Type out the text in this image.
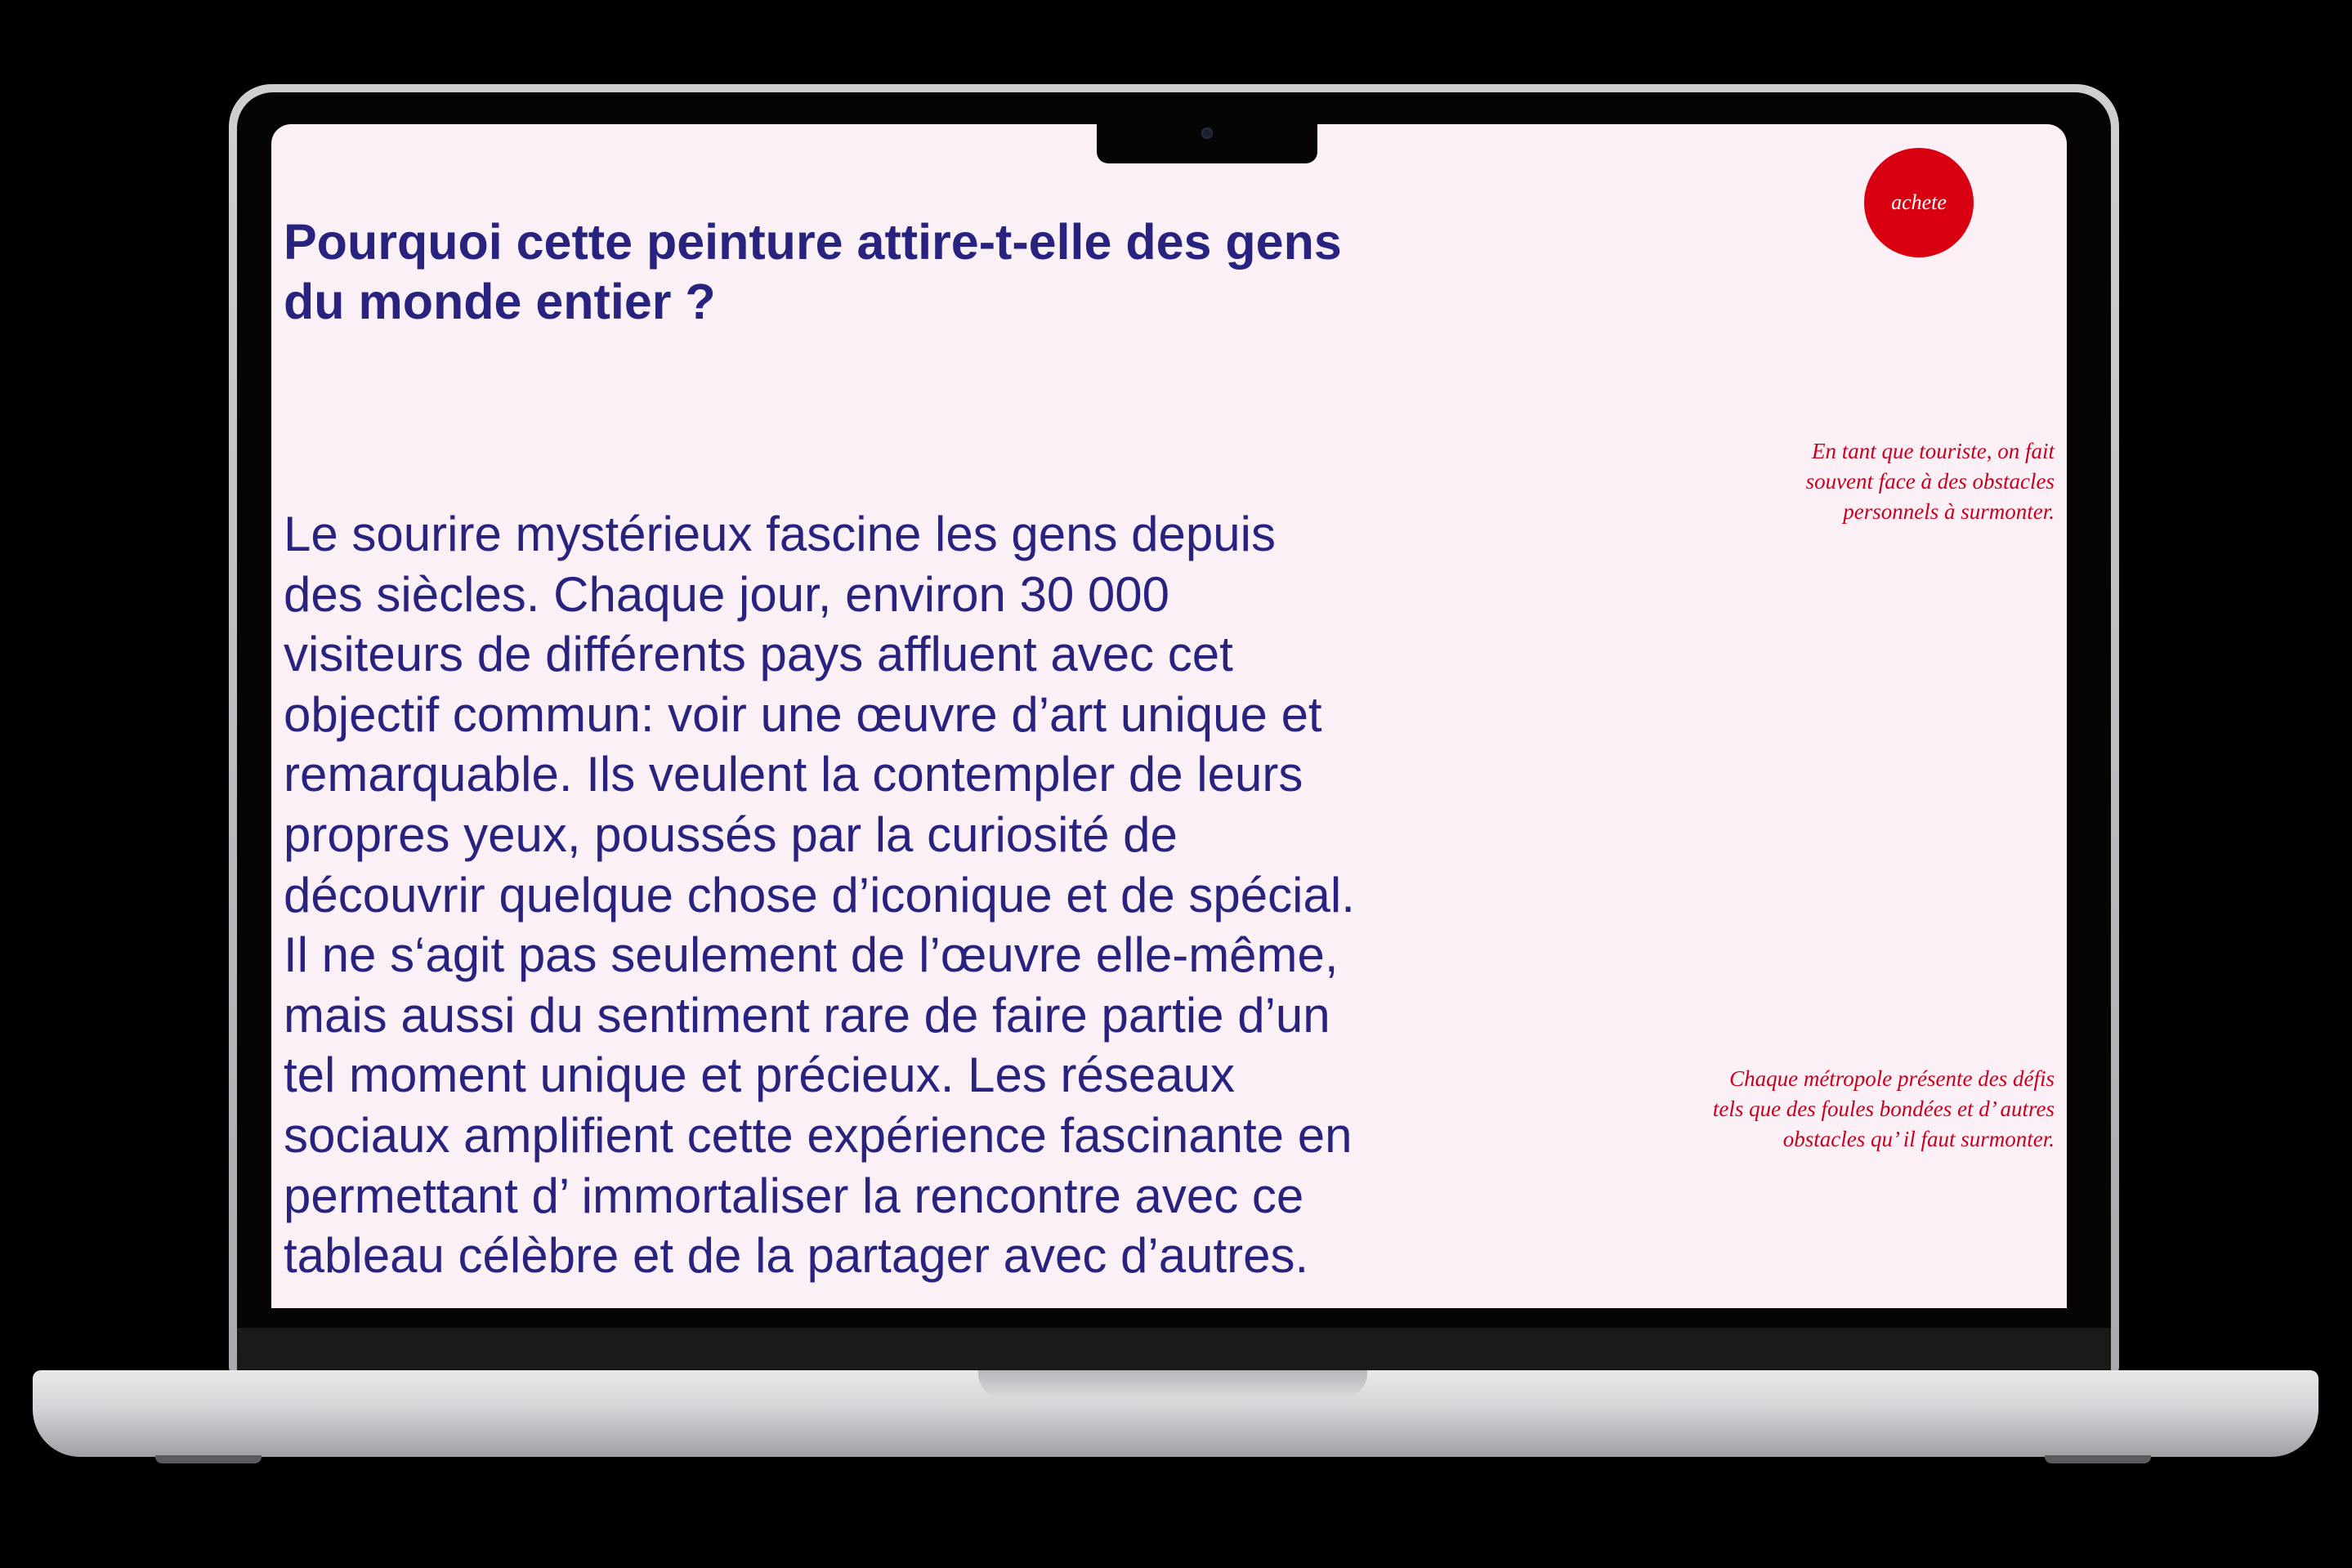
Pourquoi cette peinture attire-t-elle des gens du monde entier ?

Le sourire mystérieux fascine les gens depuis des siècles. Chaque jour, environ 30 000 visiteurs de différents pays affluent avec cet objectif commun: voir une œuvre d’art unique et remarquable. Ils veulent la contempler de leurs propres yeux, poussés par la curiosité de découvrir quelque chose d’iconique et de spécial. Il ne s‘agit pas seulement de l’œuvre elle-même, mais aussi du sentiment rare de faire partie d’un tel moment unique et précieux. Les réseaux sociaux amplifient cette expérience fascinante en permettant d’ immortaliser la rencontre avec ce tableau célèbre et de la partager avec d’autres.

achete

En tant que touriste, on fait souvent face à des obstacles personnels à surmonter.

Chaque métropole présente des défis tels que des foules bondées et d’ autres obstacles qu’ il faut surmonter.
